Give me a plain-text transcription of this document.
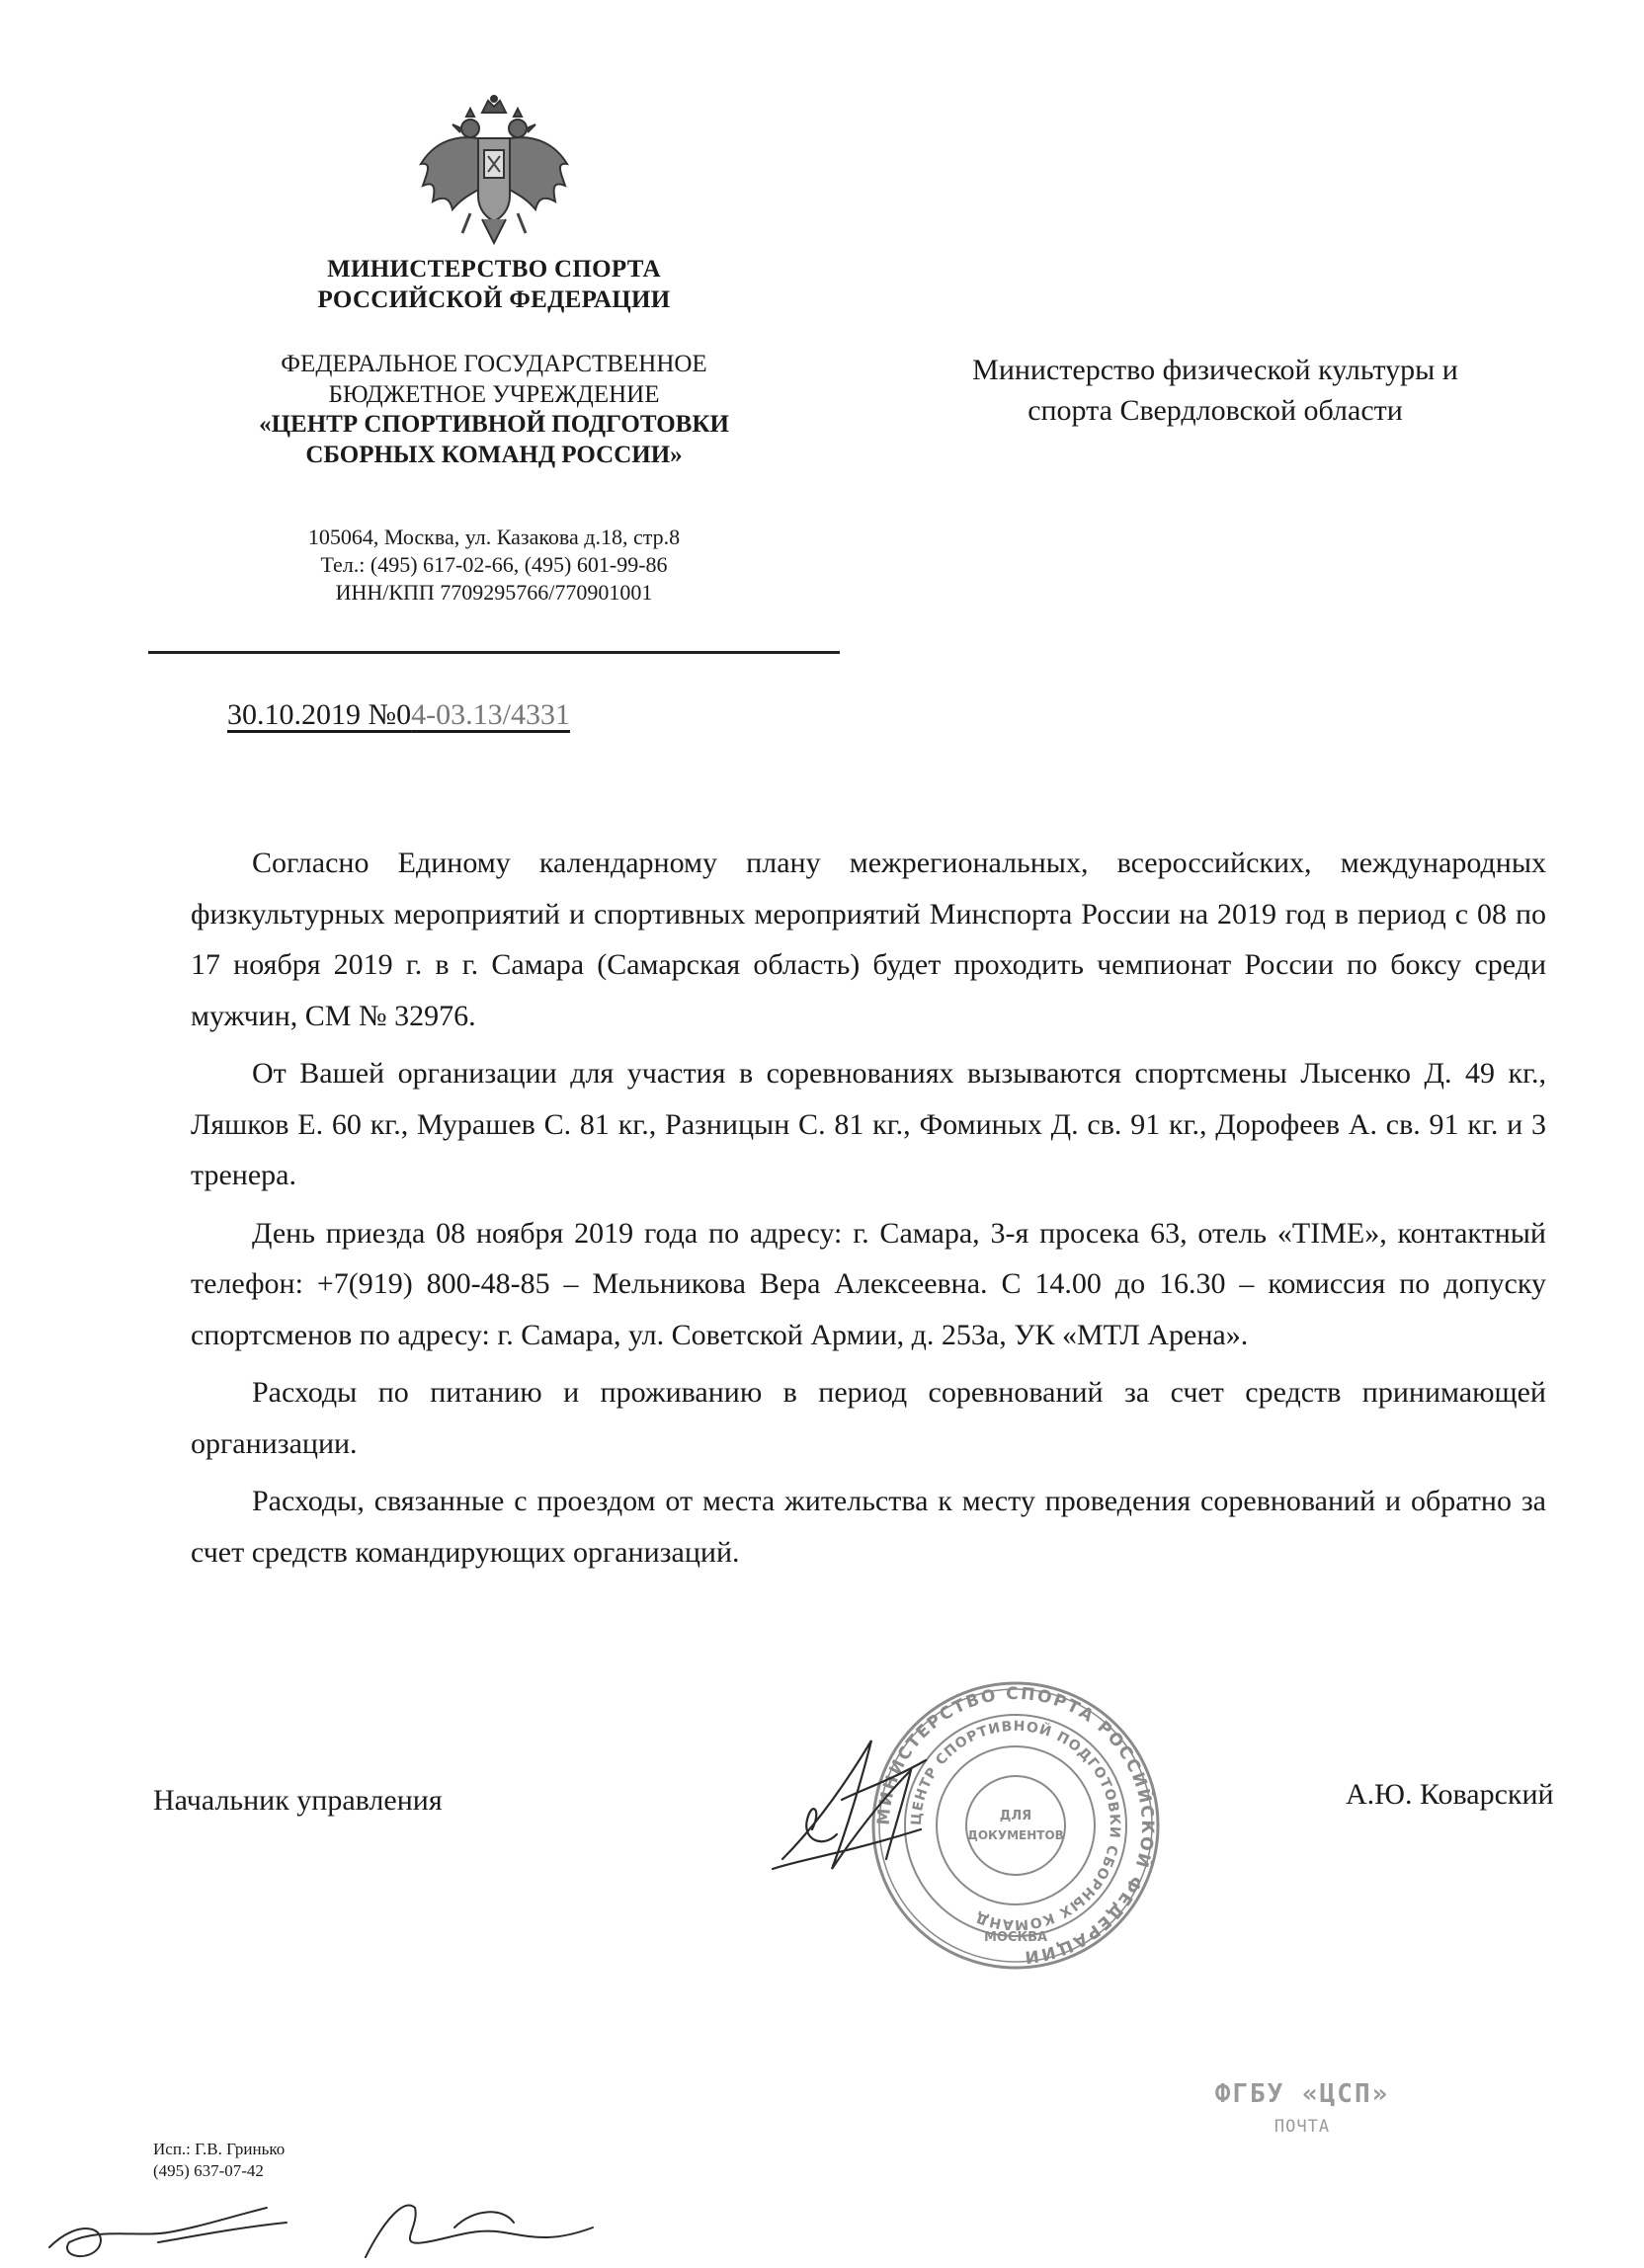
МИНИСТЕРСТВО СПОРТА
РОССИЙСКОЙ ФЕДЕРАЦИИ
ФЕДЕРАЛЬНОЕ ГОСУДАРСТВЕННОЕ
БЮДЖЕТНОЕ УЧРЕЖДЕНИЕ
«ЦЕНТР СПОРТИВНОЙ ПОДГОТОВКИ
СБОРНЫХ КОМАНД РОССИИ»
105064, Москва, ул. Казакова д.18, стр.8
Тел.: (495) 617-02-66, (495) 601-99-86
ИНН/КПП 7709295766/770901001
Министерство физической культуры и
спорта Свердловской области
30.10.2019 №04-03.13/4331

Согласно Единому календарному плану межрегиональных, всероссийских, международных физкультурных мероприятий и спортивных мероприятий Минспорта России на 2019 год в период с 08 по 17 ноября 2019 г. в г. Самара (Самарская область) будет проходить чемпионат России по боксу среди мужчин, СМ № 32976.

От Вашей организации для участия в соревнованиях вызываются спортсмены Лысенко Д. 49 кг., Ляшков Е. 60 кг., Мурашев С. 81 кг., Разницын С. 81 кг., Фоминых Д. св. 91 кг., Дорофеев А. св. 91 кг. и 3 тренера.

День приезда 08 ноября 2019 года по адресу: г. Самара, 3-я просека 63, отель «TIME», контактный телефон: +7(919) 800-48-85 – Мельникова Вера Алексеевна. С 14.00 до 16.30 – комиссия по допуску спортсменов по адресу: г. Самара, ул. Советской Армии, д. 253а, УК «МТЛ Арена».

Расходы по питанию и проживанию в период соревнований за счет средств принимающей организации.

Расходы, связанные с проездом от места жительства к месту проведения соревнований и обратно за счет средств командирующих организаций.

Начальник управления	А.Ю. Коварский
МИНИСТЕРСТВО СПОРТА РОССИЙСКОЙ ФЕДЕРАЦИИ
ЦЕНТР СПОРТИВНОЙ ПОДГОТОВКИ СБОРНЫХ КОМАНД
ДЛЯ
ДОКУМЕНТОВ
МОСКВА
ФГБУ «ЦСП»
ПОЧТА
Исп.: Г.В. Гринько
(495) 637-07-42
